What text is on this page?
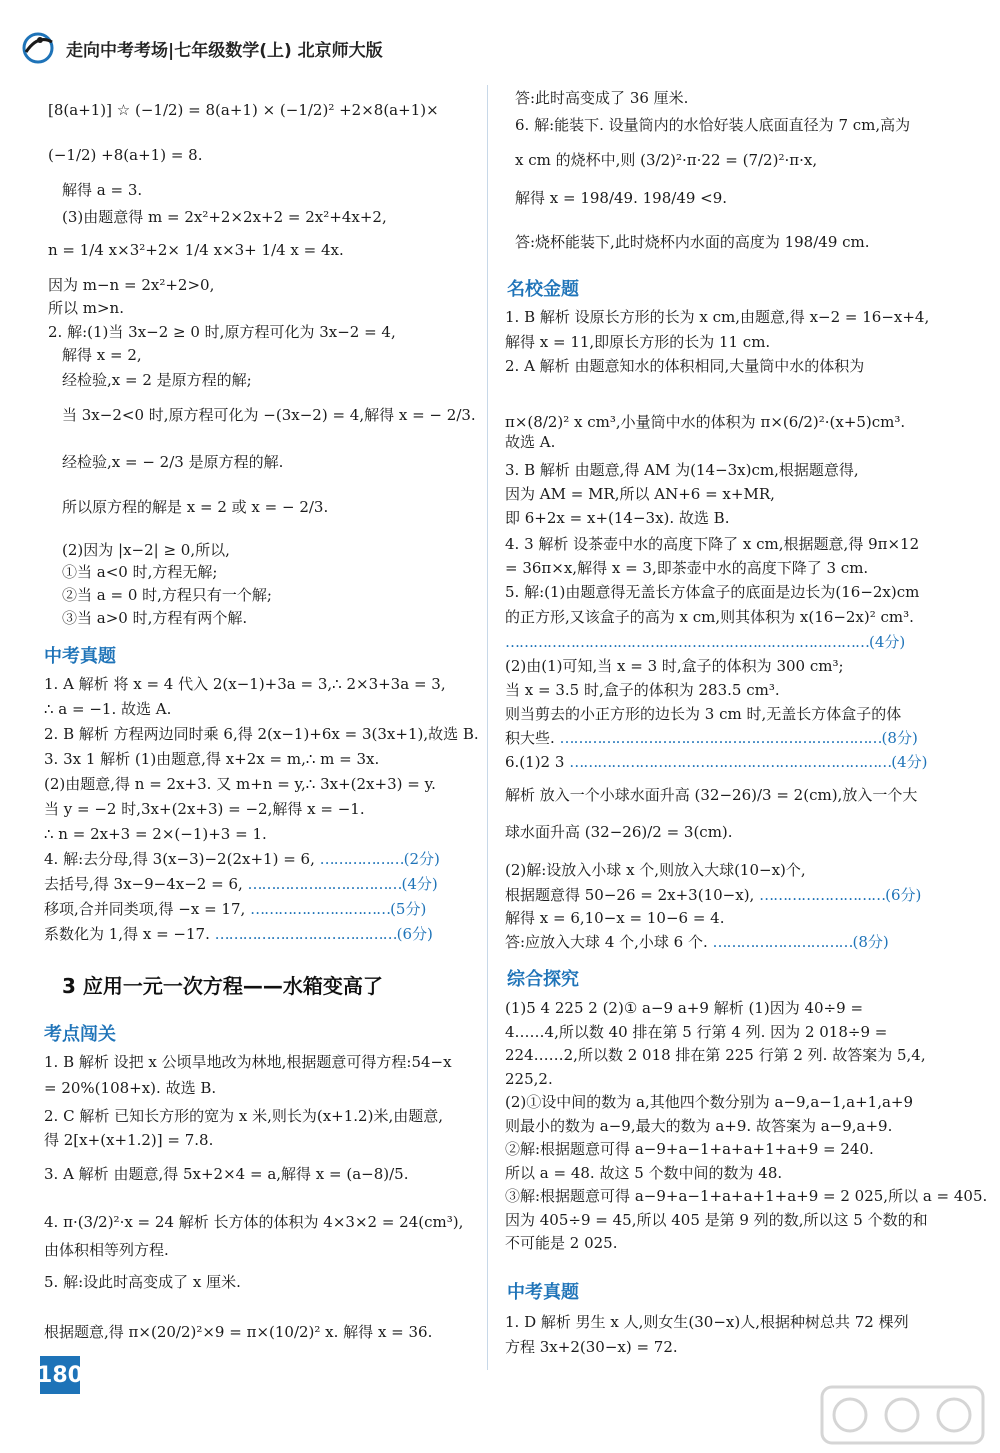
走向中考考场|七年级数学(上) 北京师大版
[8(a+1)] ☆ (−1/2) = 8(a+1) × (−1/2)² +2×8(a+1)×
(−1/2) +8(a+1) = 8.
解得 a = 3.
(3)由题意得 m = 2x²+2×2x+2 = 2x²+4x+2,
n = 1/4 x×3²+2× 1/4 x×3+ 1/4 x = 4x.
因为 m−n = 2x²+2>0,
所以 m>n.
2. 解:(1)当 3x−2 ≥ 0 时,原方程可化为 3x−2 = 4,
解得 x = 2,
经检验,x = 2 是原方程的解;
当 3x−2<0 时,原方程可化为 −(3x−2) = 4,解得 x = − 2/3.
经检验,x = − 2/3 是原方程的解.
所以原方程的解是 x = 2 或 x = − 2/3.
(2)因为 |x−2| ≥ 0,所以,
①当 a<0 时,方程无解;
②当 a = 0 时,方程只有一个解;
③当 a>0 时,方程有两个解.
中考真题
1. A 解析 将 x = 4 代入 2(x−1)+3a = 3,∴ 2×3+3a = 3,
∴ a = −1. 故选 A.
2. B 解析 方程两边同时乘 6,得 2(x−1)+6x = 3(3x+1),故选 B.
3. 3x 1 解析 (1)由题意,得 x+2x = m,∴ m = 3x.
(2)由题意,得 n = 2x+3. 又 m+n = y,∴ 3x+(2x+3) = y.
当 y = −2 时,3x+(2x+3) = −2,解得 x = −1.
∴ n = 2x+3 = 2×(−1)+3 = 1.
4. 解:去分母,得 3(x−3)−2(2x+1) = 6, ………………(2分)
去括号,得 3x−9−4x−2 = 6, ……………………………(4分)
移项,合并同类项,得 −x = 17, …………………………(5分)
系数化为 1,得 x = −17. …………………………………(6分)
3 应用一元一次方程——水箱变高了
考点闯关
1. B 解析 设把 x 公顷旱地改为林地,根据题意可得方程:54−x
= 20%(108+x). 故选 B.
2. C 解析 已知长方形的宽为 x 米,则长为(x+1.2)米,由题意,
得 2[x+(x+1.2)] = 7.8.
3. A 解析 由题意,得 5x+2×4 = a,解得 x = (a−8)/5.
4. π·(3/2)²·x = 24 解析 长方体的体积为 4×3×2 = 24(cm³),
由体积相等列方程.
5. 解:设此时高变成了 x 厘米.
根据题意,得 π×(20/2)²×9 = π×(10/2)² x. 解得 x = 36.
答:此时高变成了 36 厘米.
6. 解:能装下. 设量筒内的水恰好装人底面直径为 7 cm,高为
x cm 的烧杯中,则 (3/2)²·π·22 = (7/2)²·π·x,
解得 x = 198/49. 198/49 <9.
答:烧杯能装下,此时烧杯内水面的高度为 198/49 cm.
名校金题
1. B 解析 设原长方形的长为 x cm,由题意,得 x−2 = 16−x+4,
解得 x = 11,即原长方形的长为 11 cm.
2. A 解析 由题意知水的体积相同,大量筒中水的体积为
π×(8/2)² x cm³,小量筒中水的体积为 π×(6/2)²·(x+5)cm³.
故选 A.
3. B 解析 由题意,得 AM 为(14−3x)cm,根据题意得,
因为 AM = MR,所以 AN+6 = x+MR,
即 6+2x = x+(14−3x). 故选 B.
4. 3 解析 设茶壶中水的高度下降了 x cm,根据题意,得 9π×12
= 36π×x,解得 x = 3,即茶壶中水的高度下降了 3 cm.
5. 解:(1)由题意得无盖长方体盒子的底面是边长为(16−2x)cm
的正方形,又该盒子的高为 x cm,则其体积为 x(16−2x)² cm³.
……………………………………………………………………(4分)
(2)由(1)可知,当 x = 3 时,盒子的体积为 300 cm³;
当 x = 3.5 时,盒子的体积为 283.5 cm³.
则当剪去的小正方形的边长为 3 cm 时,无盖长方体盒子的体
积大些. ……………………………………………………………(8分)
6.(1)2 3 ……………………………………………………………(4分)
解析 放入一个小球水面升高 (32−26)/3 = 2(cm),放入一个大
球水面升高 (32−26)/2 = 3(cm).
(2)解:设放入小球 x 个,则放入大球(10−x)个,
根据题意得 50−26 = 2x+3(10−x), ………………………(6分)
解得 x = 6,10−x = 10−6 = 4.
答:应放入大球 4 个,小球 6 个. …………………………(8分)
综合探究
(1)5 4 225 2 (2)① a−9 a+9 解析 (1)因为 40÷9 =
4……4,所以数 40 排在第 5 行第 4 列. 因为 2 018÷9 =
224……2,所以数 2 018 排在第 225 行第 2 列. 故答案为 5,4,
225,2.
(2)①设中间的数为 a,其他四个数分别为 a−9,a−1,a+1,a+9
则最小的数为 a−9,最大的数为 a+9. 故答案为 a−9,a+9.
②解:根据题意可得 a−9+a−1+a+a+1+a+9 = 240.
所以 a = 48. 故这 5 个数中间的数为 48.
③解:根据题意可得 a−9+a−1+a+a+1+a+9 = 2 025,所以 a = 405.
因为 405÷9 = 45,所以 405 是第 9 列的数,所以这 5 个数的和
不可能是 2 025.
中考真题
1. D 解析 男生 x 人,则女生(30−x)人,根据种树总共 72 棵列
方程 3x+2(30−x) = 72.
180
